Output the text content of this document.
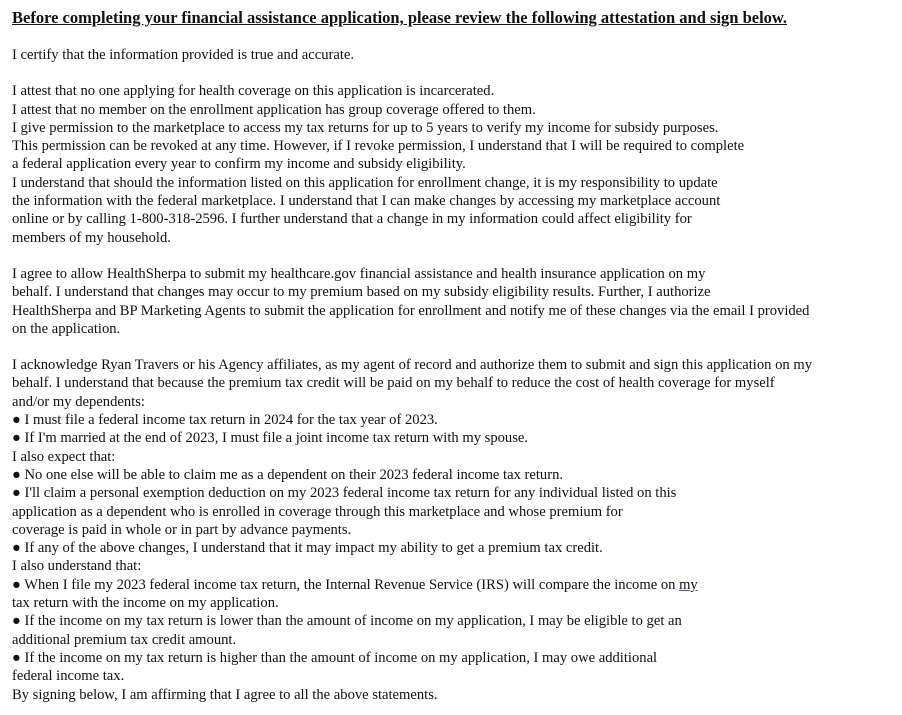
Before completing your financial assistance application, please review the following attestation and sign below.

I certify that the information provided is true and accurate.

I attest that no one applying for health coverage on this application is incarcerated.
I attest that no member on the enrollment application has group coverage offered to them.
I give permission to the marketplace to access my tax returns for up to 5 years to verify my income for subsidy purposes.
This permission can be revoked at any time. However, if I revoke permission, I understand that I will be required to complete
a federal application every year to confirm my income and subsidy eligibility.
I understand that should the information listed on this application for enrollment change, it is my responsibility to update
the information with the federal marketplace. I understand that I can make changes by accessing my marketplace account
online or by calling 1-800-318-2596. I further understand that a change in my information could affect eligibility for
members of my household.

I agree to allow HealthSherpa to submit my healthcare.gov financial assistance and health insurance application on my
behalf. I understand that changes may occur to my premium based on my subsidy eligibility results. Further, I authorize
HealthSherpa and BP Marketing Agents to submit the application for enrollment and notify me of these changes via the email I provided
on the application.

I acknowledge Ryan Travers or his Agency affiliates, as my agent of record and authorize them to submit and sign this application on my
behalf. I understand that because the premium tax credit will be paid on my behalf to reduce the cost of health coverage for myself
and/or my dependents:
● I must file a federal income tax return in 2024 for the tax year of 2023.
● If I'm married at the end of 2023, I must file a joint income tax return with my spouse.
I also expect that:
● No one else will be able to claim me as a dependent on their 2023 federal income tax return.
● I'll claim a personal exemption deduction on my 2023 federal income tax return for any individual listed on this
application as a dependent who is enrolled in coverage through this marketplace and whose premium for
coverage is paid in whole or in part by advance payments.
● If any of the above changes, I understand that it may impact my ability to get a premium tax credit.
I also understand that:
● When I file my 2023 federal income tax return, the Internal Revenue Service (IRS) will compare the income on my
tax return with the income on my application.
● If the income on my tax return is lower than the amount of income on my application, I may be eligible to get an
additional premium tax credit amount.
● If the income on my tax return is higher than the amount of income on my application, I may owe additional
federal income tax.
By signing below, I am affirming that I agree to all the above statements.
